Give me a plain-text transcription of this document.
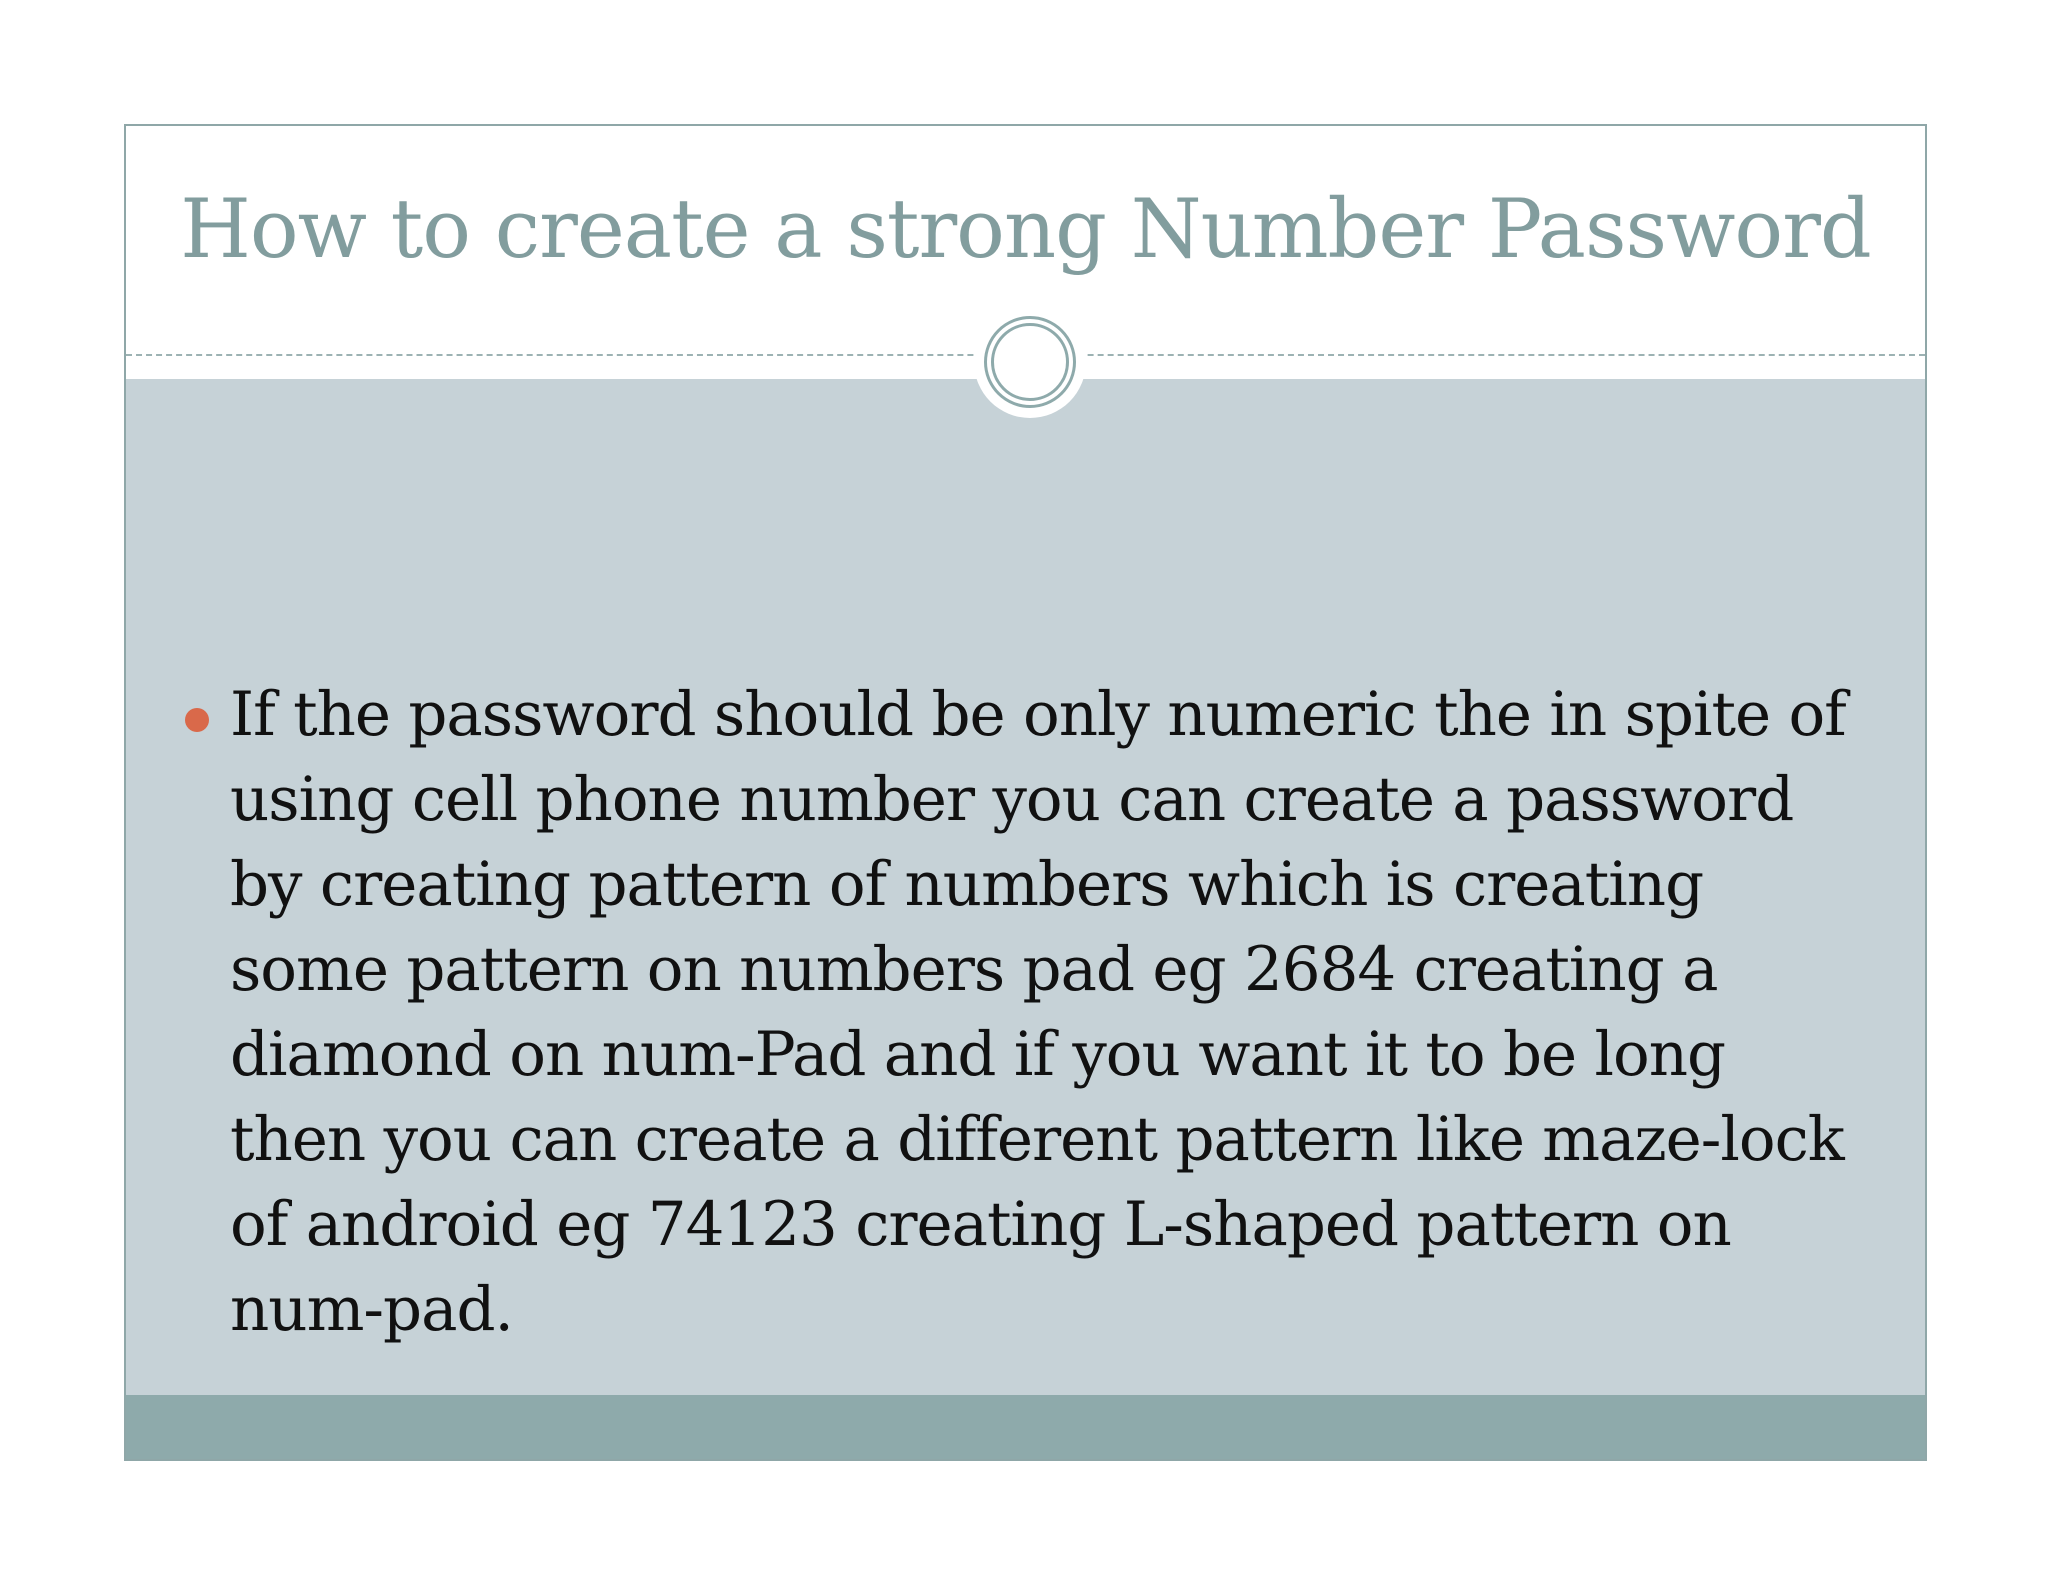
How to create a strong Number Password
If the password should be only numeric the in spite of using cell phone number you can create a password by creating pattern of numbers which is creating some pattern on numbers pad eg 2684 creating a diamond on num-Pad and if you want it to be long then you can create a different pattern like maze-lock of android eg 74123 creating L-shaped pattern on num-pad.
